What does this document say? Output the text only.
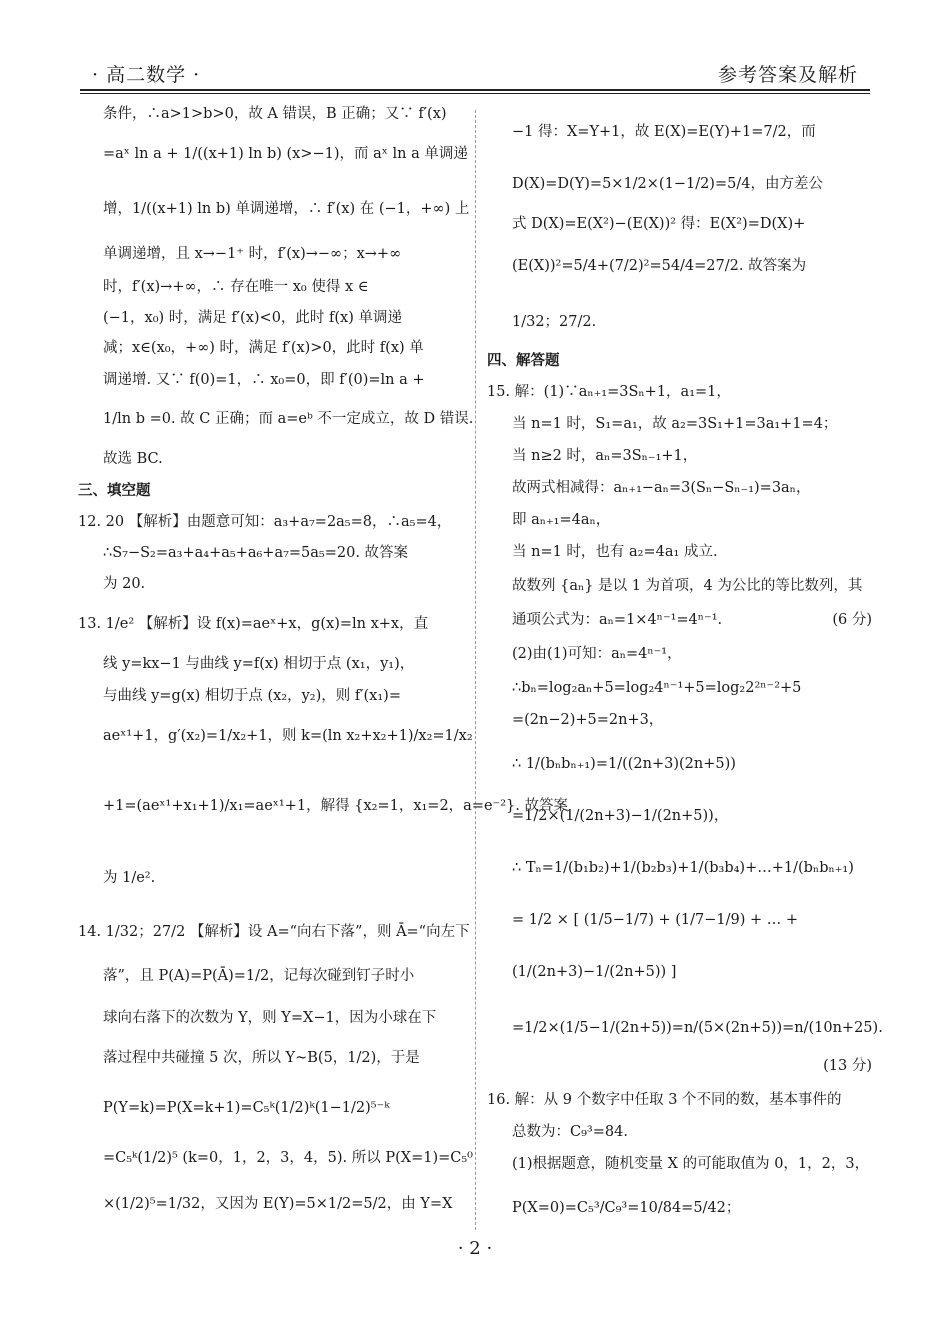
· 高二数学 ·	参考答案及解析
条件，∴a>1>b>0，故 A 错误，B 正确；又∵ f′(x)
=aˣ ln a + 1/((x+1) ln b) (x>−1)，而 aˣ ln a 单调递
增，1/((x+1) ln b) 单调递增，∴ f′(x) 在 (−1，+∞) 上
单调递增，且 x→−1⁺ 时，f′(x)→−∞；x→+∞
时，f′(x)→+∞，∴ 存在唯一 x₀ 使得 x ∈
(−1，x₀) 时，满足 f′(x)<0，此时 f(x) 单调递
减；x∈(x₀，+∞) 时，满足 f′(x)>0，此时 f(x) 单
调递增. 又∵ f(0)=1，∴ x₀=0，即 f′(0)=ln a +
1/ln b =0. 故 C 正确；而 a=eᵇ 不一定成立，故 D 错误.
故选 BC.
三、填空题
12. 20 【解析】由题意可知：a₃+a₇=2a₅=8，∴a₅=4，
∴S₇−S₂=a₃+a₄+a₅+a₆+a₇=5a₅=20. 故答案
为 20.
13. 1/e² 【解析】设 f(x)=aeˣ+x，g(x)=ln x+x，直
线 y=kx−1 与曲线 y=f(x) 相切于点 (x₁，y₁)，
与曲线 y=g(x) 相切于点 (x₂，y₂)，则 f′(x₁)=
aeˣ¹+1，g′(x₂)=1/x₂+1，则 k=(ln x₂+x₂+1)/x₂=1/x₂
+1=(aeˣ¹+x₁+1)/x₁=aeˣ¹+1，解得 {x₂=1，x₁=2，a=e⁻²}. 故答案
为 1/e².
14. 1/32；27/2 【解析】设 A=“向右下落”，则 Ā=“向左下
落”，且 P(A)=P(Ā)=1/2，记每次碰到钉子时小
球向右落下的次数为 Y，则 Y=X−1，因为小球在下
落过程中共碰撞 5 次，所以 Y~B(5，1/2)，于是
P(Y=k)=P(X=k+1)=C₅ᵏ(1/2)ᵏ(1−1/2)⁵⁻ᵏ
=C₅ᵏ(1/2)⁵ (k=0，1，2，3，4，5). 所以 P(X=1)=C₅⁰
×(1/2)⁵=1/32，又因为 E(Y)=5×1/2=5/2，由 Y=X
−1 得：X=Y+1，故 E(X)=E(Y)+1=7/2，而
D(X)=D(Y)=5×1/2×(1−1/2)=5/4，由方差公
式 D(X)=E(X²)−(E(X))² 得：E(X²)=D(X)+
(E(X))²=5/4+(7/2)²=54/4=27/2. 故答案为
1/32；27/2.
四、解答题
15. 解：(1)∵aₙ₊₁=3Sₙ+1，a₁=1，
当 n=1 时，S₁=a₁，故 a₂=3S₁+1=3a₁+1=4；
当 n≥2 时，aₙ=3Sₙ₋₁+1，
故两式相减得：aₙ₊₁−aₙ=3(Sₙ−Sₙ₋₁)=3aₙ，
即 aₙ₊₁=4aₙ，
当 n=1 时，也有 a₂=4a₁ 成立.
故数列 {aₙ} 是以 1 为首项，4 为公比的等比数列，其
通项公式为：aₙ=1×4ⁿ⁻¹=4ⁿ⁻¹.	(6 分)
(2)由(1)可知：aₙ=4ⁿ⁻¹，
∴bₙ=log₂aₙ+5=log₂4ⁿ⁻¹+5=log₂2²ⁿ⁻²+5
=(2n−2)+5=2n+3，
∴ 1/(bₙbₙ₊₁)=1/((2n+3)(2n+5))
=1/2×(1/(2n+3)−1/(2n+5))，
∴ Tₙ=1/(b₁b₂)+1/(b₂b₃)+1/(b₃b₄)+…+1/(bₙbₙ₊₁)
= 1/2 × [ (1/5−1/7) + (1/7−1/9) + … +
(1/(2n+3)−1/(2n+5)) ]
=1/2×(1/5−1/(2n+5))=n/(5×(2n+5))=n/(10n+25).
(13 分)
16. 解：从 9 个数字中任取 3 个不同的数，基本事件的
总数为：C₉³=84.
(1)根据题意，随机变量 X 的可能取值为 0，1，2，3，
P(X=0)=C₅³/C₉³=10/84=5/42；
· 2 ·
